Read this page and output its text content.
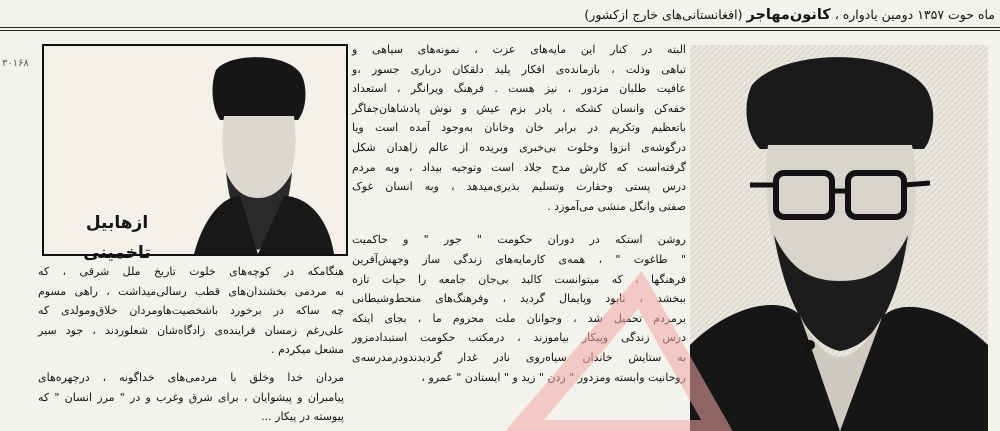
ماه حوت ۱۳۵۷ دومین یادواره ، کانون‌مهاجر (افغانستانی‌های خارج ازکشور)
ازهابیل تاخمینی

البته در کنار این مایه‌های عزت ، نمونه‌های سیاهی و تباهی وذلت ، بازمانده‌ی افکار پلید دلقکان درباری ‌جسور ،‌و عافیت طلبان مزدور ، نیز هست . فرهنگ ویرانگر ، استعداد خفه‌کن وانسان کشکه ، یادر بزم عیش و نوش پادشاهان‌جفاگر باتعظیم وتکریم در برابر خان وخانان به‌وجود آمده است ویا درگوشه‌ی انزوا وخلوت بی‌خبری وبریده از عالم زاهدان شکل گرفته‌است که کارش مدح جلاد است وتوجیه بیداد ، وبه مردم درس پستی وحقارت وتسلیم بذیری‌میدهد ، وبه انسان غوک صفتی وانگل منشی می‌آموزد .

روشن استکه در دوران حکومت " جور " و حاکمیت " طاغوت " ، همه‌ی کارمایه‌های زندگی ساز وجهش‌آفرین فرهنگها ، که میتوانست کالبد بی‌جان جامعه را حیات تازه ببخشد ، نابود وپایمال گردید ، وفرهنگ‌های منحط‌وشیطانی برمردم تحمیل شد ، وجوانان ملت محروم ما ، بجای اینکه درس زندگی وپیکار بیاموزند ، درمکتب حکومت استبداد‌مزور به ستایش خاندان سیاه‌روی نادر غدار گردیدندودرمدرسه‌ی روحانیت وابسته ومزدور " زدن " زید و " ایستادن " عمرو ،

هنگامکه در کوچه‌های خلوت تاریخ ملل شرقی ، که به مردمی بخشندان‌های قطب رسالی‌میداشت ، راهی مسوم چه ساکه در برخورد باشخصیت‌هاومردان خلاق‌ومولدی که علی‌رغم زمسان فراینده‌ی زادگاه‌شان شعلوردند ، جود سیر مشعل میکردم .

مردان خدا وخلق با مردمی‌های خداگونه ، درچهره‌های پیامبران و پیشوایان ، برای شرق وغرب و در " مرز انسان " که پیوسته در پیکار ...

۳۰۱۶۸
